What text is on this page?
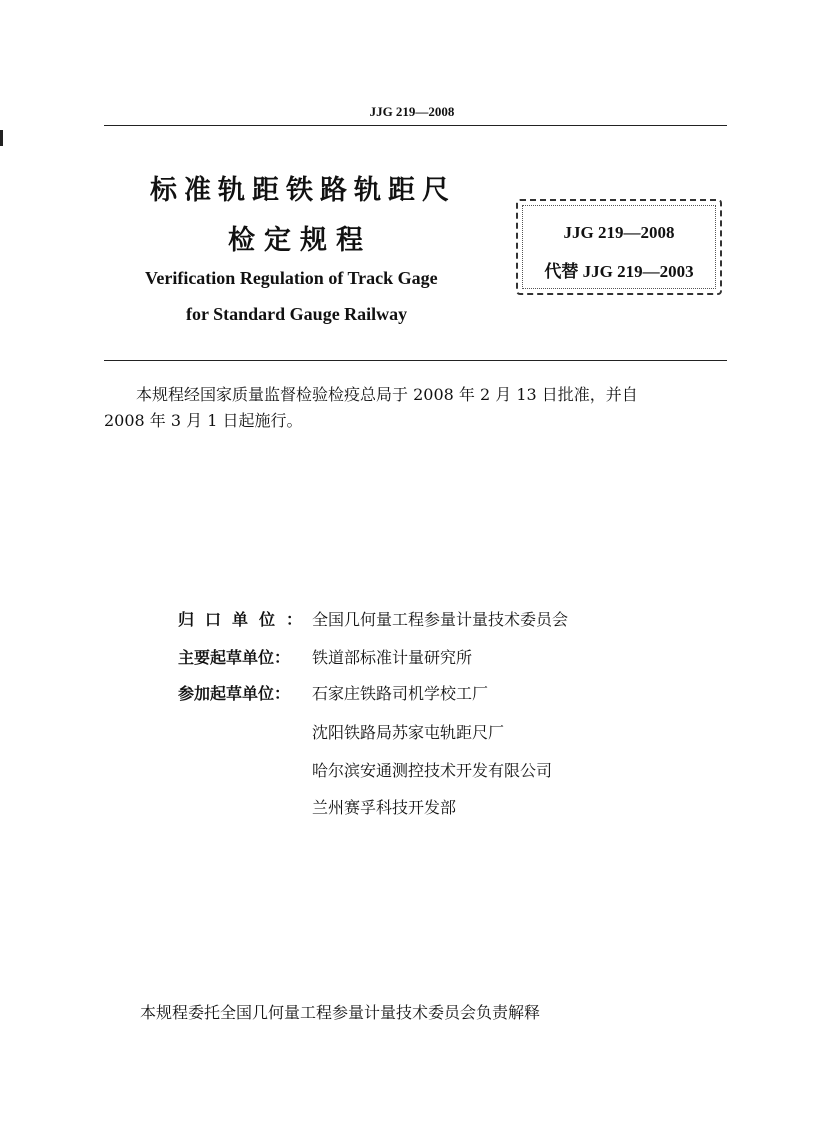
JJG 219—2008
标准轨距铁路轨距尺
检定规程
Verification Regulation of Track Gage
for Standard Gauge Railway
JJG 219—2008
代替 JJG 219—2003
本规程经国家质量监督检验检疫总局于 2008 年 2 月 13 日批准，并自
2008 年 3 月 1 日起施行。
归口单位：
全国几何量工程参量计量技术委员会
主要起草单位：	铁道部标准计量研究所
参加起草单位：	石家庄铁路司机学校工厂
沈阳铁路局苏家屯轨距尺厂
哈尔滨安通测控技术开发有限公司
兰州赛孚科技开发部
本规程委托全国几何量工程参量计量技术委员会负责解释
